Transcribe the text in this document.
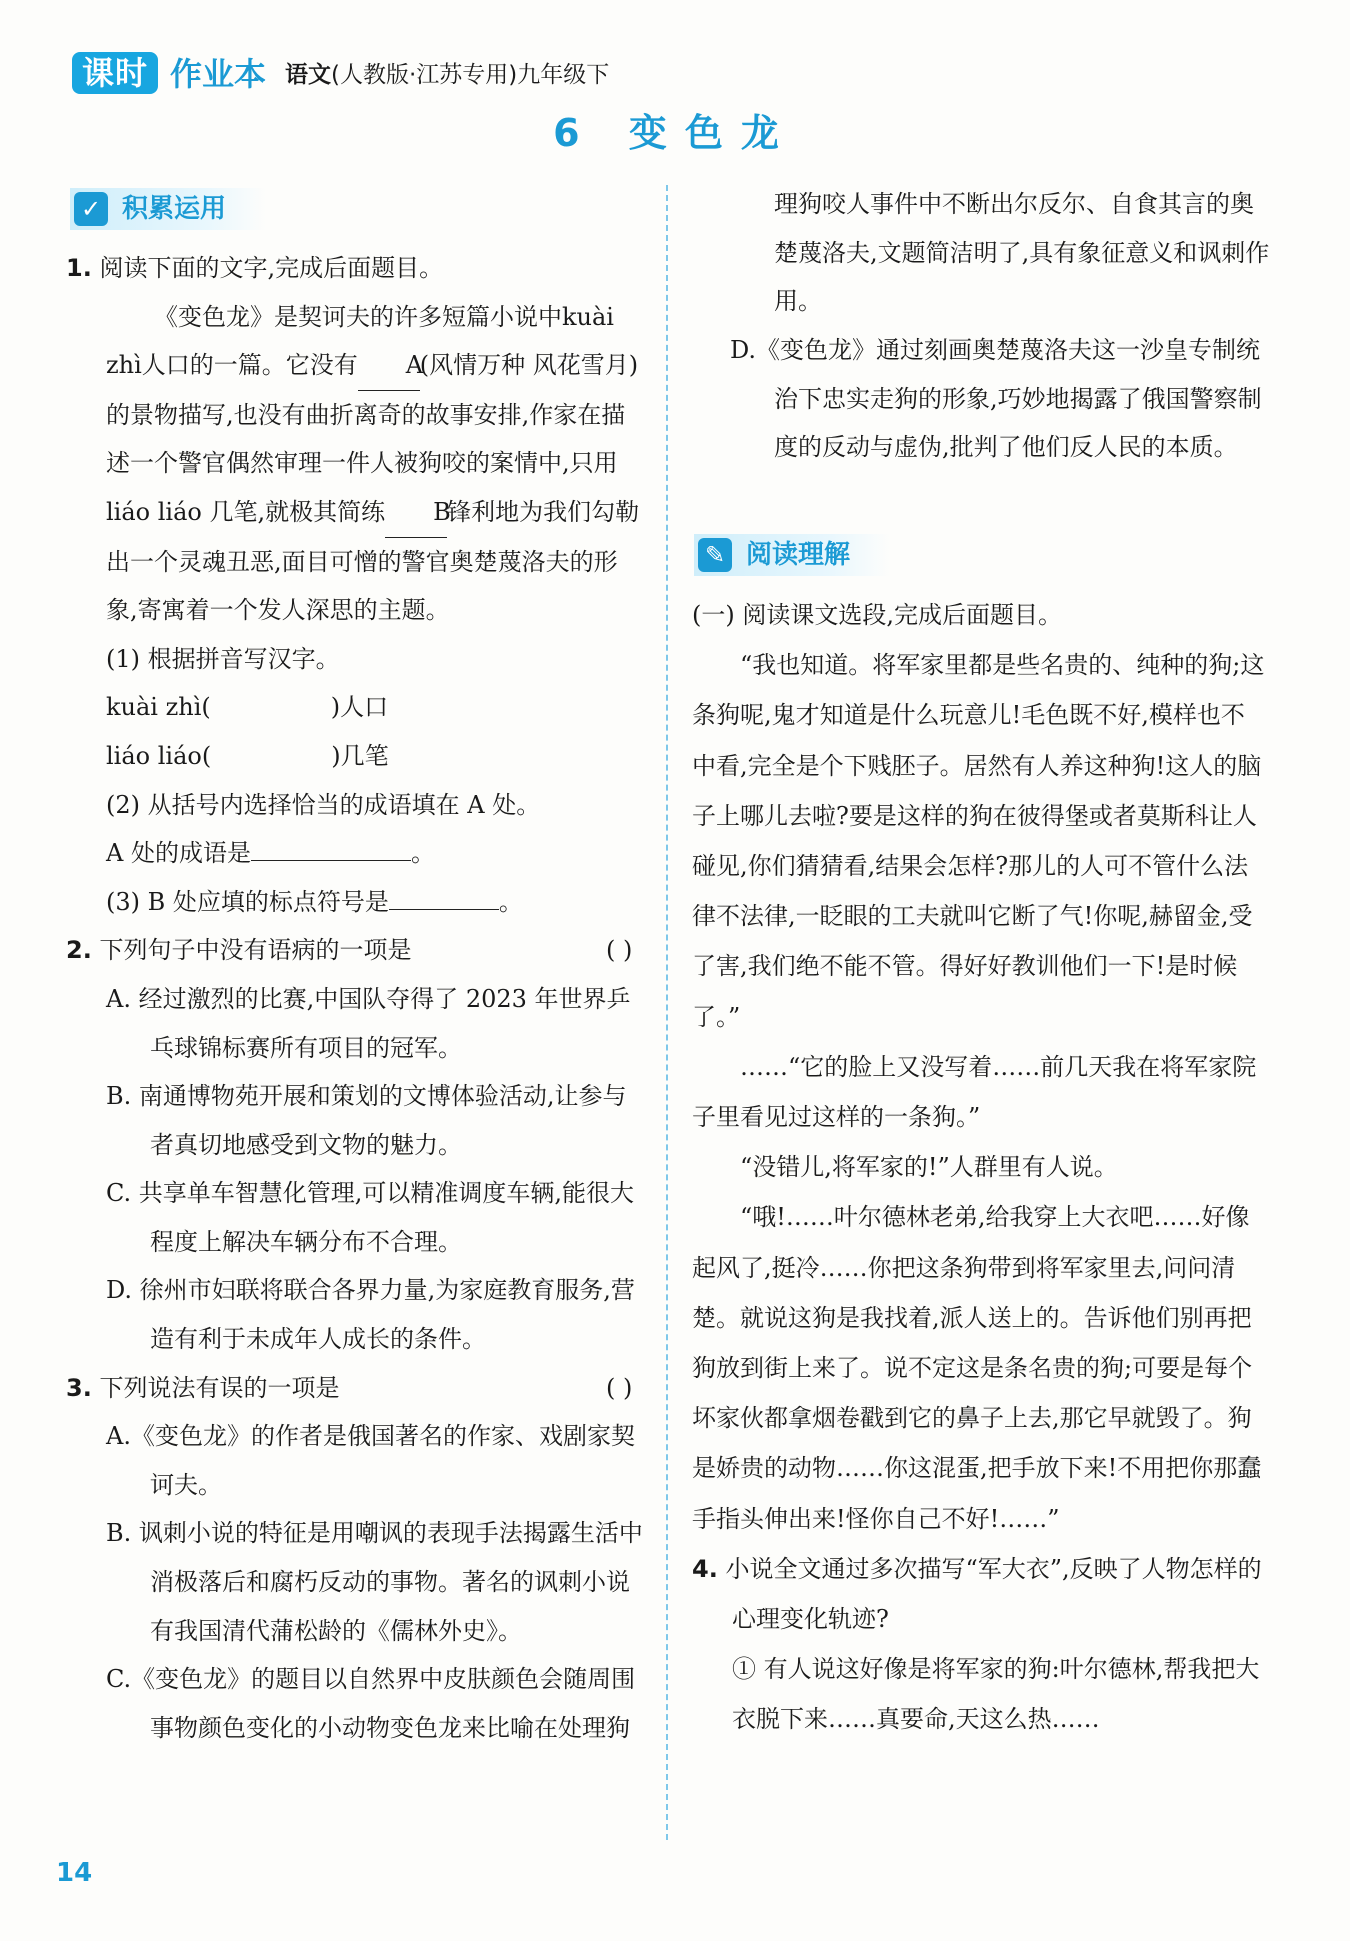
课时 作业本 语文(人教版·江苏专用)九年级下
6 变色龙
✓ 积累运用

1. 阅读下面的文字,完成后面题目。

《变色龙》是契诃夫的许多短篇小说中kuài zhì人口的一篇。它没有 A(风情万种 风花雪月)的景物描写,也没有曲折离奇的故事安排,作家在描述一个警官偶然审理一件人被狗咬的案情中,只用 liáo liáo 几笔,就极其简练 B锋利地为我们勾勒出一个灵魂丑恶,面目可憎的警官奥楚蔑洛夫的形象,寄寓着一个发人深思的主题。

(1) 根据拼音写汉字。

kuài zhì(	)人口

liáo liáo(	)几笔

(2) 从括号内选择恰当的成语填在 A 处。

A 处的成语是	。

(3) B 处应填的标点符号是	。

( )
2. 下列句子中没有语病的一项是

A. 经过激烈的比赛,中国队夺得了 2023 年世界乒乓球锦标赛所有项目的冠军。

B. 南通博物苑开展和策划的文博体验活动,让参与者真切地感受到文物的魅力。

C. 共享单车智慧化管理,可以精准调度车辆,能很大程度上解决车辆分布不合理。

D. 徐州市妇联将联合各界力量,为家庭教育服务,营造有利于未成年人成长的条件。

( )
3. 下列说法有误的一项是

A.《变色龙》的作者是俄国著名的作家、戏剧家契诃夫。

B. 讽刺小说的特征是用嘲讽的表现手法揭露生活中消极落后和腐朽反动的事物。著名的讽刺小说有我国清代蒲松龄的《儒林外史》。

C.《变色龙》的题目以自然界中皮肤颜色会随周围事物颜色变化的小动物变色龙来比喻在处理狗

理狗咬人事件中不断出尔反尔、自食其言的奥楚蔑洛夫,文题简洁明了,具有象征意义和讽刺作用。

D.《变色龙》通过刻画奥楚蔑洛夫这一沙皇专制统治下忠实走狗的形象,巧妙地揭露了俄国警察制度的反动与虚伪,批判了他们反人民的本质。

✎ 阅读理解

(一) 阅读课文选段,完成后面题目。

“我也知道。将军家里都是些名贵的、纯种的狗;这条狗呢,鬼才知道是什么玩意儿!毛色既不好,模样也不中看,完全是个下贱胚子。居然有人养这种狗!这人的脑子上哪儿去啦?要是这样的狗在彼得堡或者莫斯科让人碰见,你们猜猜看,结果会怎样?那儿的人可不管什么法律不法律,一眨眼的工夫就叫它断了气!你呢,赫留金,受了害,我们绝不能不管。得好好教训他们一下!是时候了。”

……“它的脸上又没写着……前几天我在将军家院子里看见过这样的一条狗。”

“没错儿,将军家的!”人群里有人说。

“哦!……叶尔德林老弟,给我穿上大衣吧……好像起风了,挺冷……你把这条狗带到将军家里去,问问清楚。就说这狗是我找着,派人送上的。告诉他们别再把狗放到街上来了。说不定这是条名贵的狗;可要是每个坏家伙都拿烟卷戳到它的鼻子上去,那它早就毁了。狗是娇贵的动物……你这混蛋,把手放下来!不用把你那蠢手指头伸出来!怪你自己不好!……”

4. 小说全文通过多次描写“军大衣”,反映了人物怎样的心理变化轨迹?

① 有人说这好像是将军家的狗:叶尔德林,帮我把大衣脱下来……真要命,天这么热……

14
